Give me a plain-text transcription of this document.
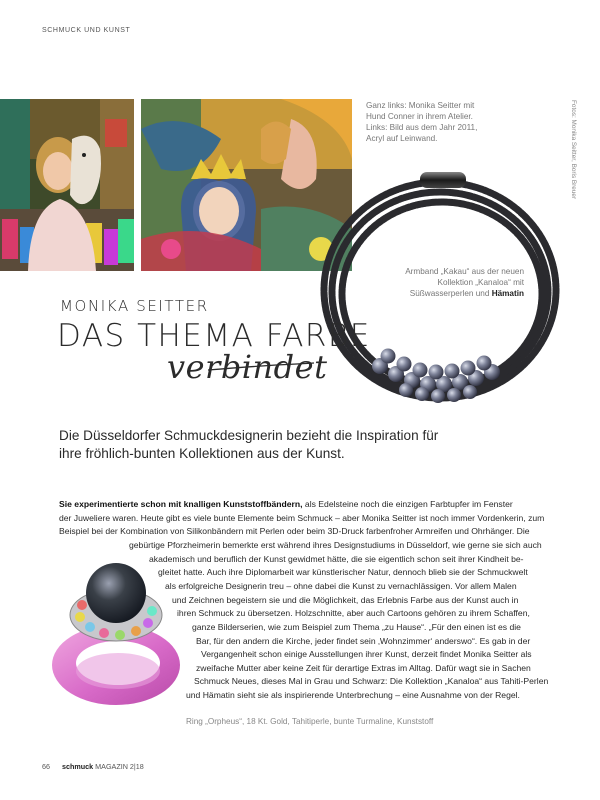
SCHMUCK UND KUNST
Ganz links: Monika Seitter mit
Hund Conner in ihrem Atelier.
Links: Bild aus dem Jahr 2011,
Acryl auf Leinwand.	Fotos: Monika Seitter, Boris Breuer
Armband „Kakau“ aus der neuen
Kollektion „Kanaloa“ mit
Süßwasserperlen und Hämatin
MONIKA SEITTER
DAS THEMA FARBE
verbindet
Die Düsseldorfer Schmuckdesignerin bezieht die Inspiration für ihre fröhlich-bunten Kollektionen aus der Kunst.
Sie experimentierte schon mit knalligen Kunststoffbändern, als Edelsteine noch die einzigen Farbtupfer im Fenster
der Juweliere waren. Heute gibt es viele bunte Elemente beim Schmuck – aber Monika Seitter ist noch immer Vordenkerin, zum
Beispiel bei der Kombination von Silikonbändern mit Perlen oder beim 3D-Druck farbenfroher Armreifen und Ohrhänger. Die
gebürtige Pforzheimerin bemerkte erst während ihres Designstudiums in Düsseldorf, wie gerne sie sich auch
akademisch und beruflich der Kunst gewidmet hätte, die sie eigentlich schon seit ihrer Kindheit be-
gleitet hatte. Auch ihre Diplomarbeit war künstlerischer Natur, dennoch blieb sie der Schmuckwelt
als erfolgreiche Designerin treu – ohne dabei die Kunst zu vernachlässigen. Vor allem Malen
und Zeichnen begeistern sie und die Möglichkeit, das Erlebnis Farbe aus der Kunst auch in
ihren Schmuck zu übersetzen. Holzschnitte, aber auch Cartoons gehören zu ihrem Schaffen,
ganze Bilderserien, wie zum Beispiel zum Thema „zu Hause“. „Für den einen ist es die
Bar, für den andern die Kirche, jeder findet sein ‚Wohnzimmer‘ anderswo“. Es gab in der
Vergangenheit schon einige Ausstellungen ihrer Kunst, derzeit findet Monika Seitter als
zweifache Mutter aber keine Zeit für derartige Extras im Alltag. Dafür wagt sie in Sachen
Schmuck Neues, dieses Mal in Grau und Schwarz: Die Kollektion „Kanaloa“ aus Tahiti-Perlen
und Hämatin sieht sie als inspirierende Unterbrechung – eine Ausnahme von der Regel.
Ring „Orpheus“, 18 Kt. Gold, Tahitiperle, bunte Turmaline, Kunststoff
66 schmuck MAGAZIN 2|18
